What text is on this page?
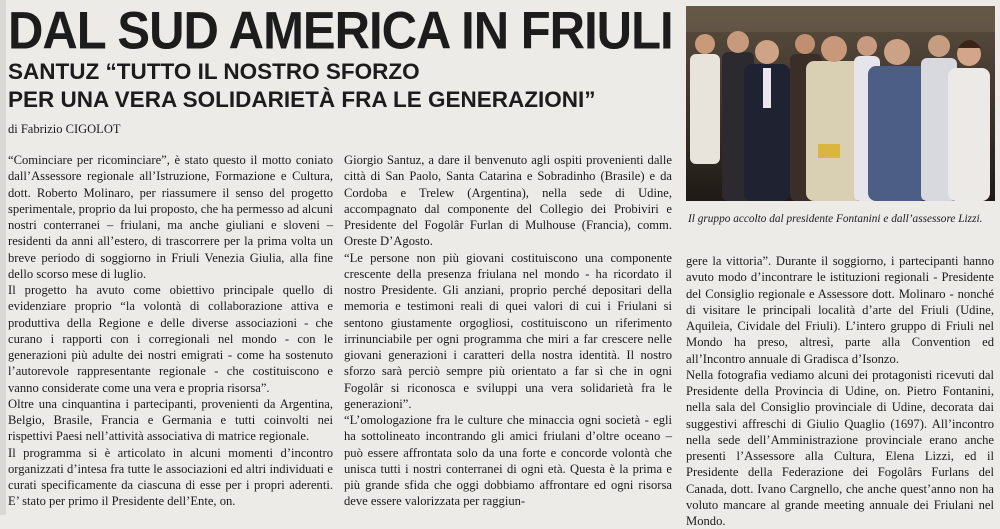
DAL SUD AMERICA IN FRIULI
SANTUZ “TUTTO IL NOSTRO SFORZO
PER UNA VERA SOLIDARIETÀ FRA LE GENERAZIONI”
di Fabrizio CIGOLOT

“Cominciare per ricominciare”, è stato questo il motto coniato dall’Assessore regionale all’Istruzione, Formazione e Cultura, dott. Roberto Molinaro, per riassumere il senso del progetto sperimentale, proprio da lui proposto, che ha permesso ad alcuni nostri conterranei – friulani, ma anche giuliani e sloveni – residenti da anni all’estero, di trascorrere per la prima volta un breve periodo di soggiorno in Friuli Venezia Giulia, alla fine dello scorso mese di luglio.

Il progetto ha avuto come obiettivo principale quello di evidenziare proprio “la volontà di collaborazione attiva e produttiva della Regione e delle diverse associazioni - che curano i rapporti con i corregionali nel mondo - con le generazioni più adulte dei nostri emigrati - come ha sostenuto l’autorevole rappresentante regionale - che costituiscono e vanno considerate come una vera e propria risorsa”.

Oltre una cinquantina i partecipanti, provenienti da Argentina, Belgio, Brasile, Francia e Germania e tutti coinvolti nei rispettivi Paesi nell’attività associativa di matrice regionale.

Il programma si è articolato in alcuni momenti d’incontro organizzati d’intesa fra tutte le associazioni ed altri individuati e curati specificamente da ciascuna di esse per i propri aderenti. E’ stato per primo il Presidente dell’Ente, on.

Giorgio Santuz, a dare il benvenuto agli ospiti provenienti dalle città di San Paolo, Santa Catarina e Sobradinho (Brasile) e da Cordoba e Trelew (Argentina), nella sede di Udine, accompagnato dal componente del Collegio dei Probiviri e Presidente del Fogolâr Furlan di Mulhouse (Francia), comm. Oreste D’Agosto.

“Le persone non più giovani costituiscono una componente crescente della presenza friulana nel mondo - ha ricordato il nostro Presidente. Gli anziani, proprio perché depositari della memoria e testimoni reali di quei valori di cui i Friulani si sentono giustamente orgogliosi, costituiscono un riferimento irrinunciabile per ogni programma che miri a far crescere nelle giovani generazioni i caratteri della nostra identità. Il nostro sforzo sarà perciò sempre più orientato a far sì che in ogni Fogolâr si riconosca e sviluppi una vera solidarietà fra le generazioni”.

“L’omologazione fra le culture che minaccia ogni società - egli ha sottolineato incontrando gli amici friulani d’oltre oceano – può essere affrontata solo da una forte e concorde volontà che unisca tutti i nostri conterranei di ogni età. Questa è la prima e più grande sfida che oggi dobbiamo affrontare ed ogni risorsa deve essere valorizzata per raggiun-

Il gruppo accolto dal presidente Fontanini e dall’assessore Lizzi.

gere la vittoria”. Durante il soggiorno, i partecipanti hanno avuto modo d’incontrare le istituzioni regionali - Presidente del Consiglio regionale e Assessore dott. Molinaro - nonché di visitare le principali località d’arte del Friuli (Udine, Aquileia, Cividale del Friuli). L’intero gruppo di Friuli nel Mondo ha preso, altresì, parte alla Convention ed all’Incontro annuale di Gradisca d’Isonzo.

Nella fotografia vediamo alcuni dei protagonisti ricevuti dal Presidente della Provincia di Udine, on. Pietro Fontanini, nella sala del Consiglio provinciale di Udine, decorata dai suggestivi affreschi di Giulio Quaglio (1697). All’incontro nella sede dell’Amministrazione provinciale erano anche presenti l’Assessore alla Cultura, Elena Lizzi, ed il Presidente della Federazione dei Fogolârs Furlans del Canada, dott. Ivano Cargnello, che anche quest’anno non ha voluto mancare al grande meeting annuale dei Friulani nel Mondo.
